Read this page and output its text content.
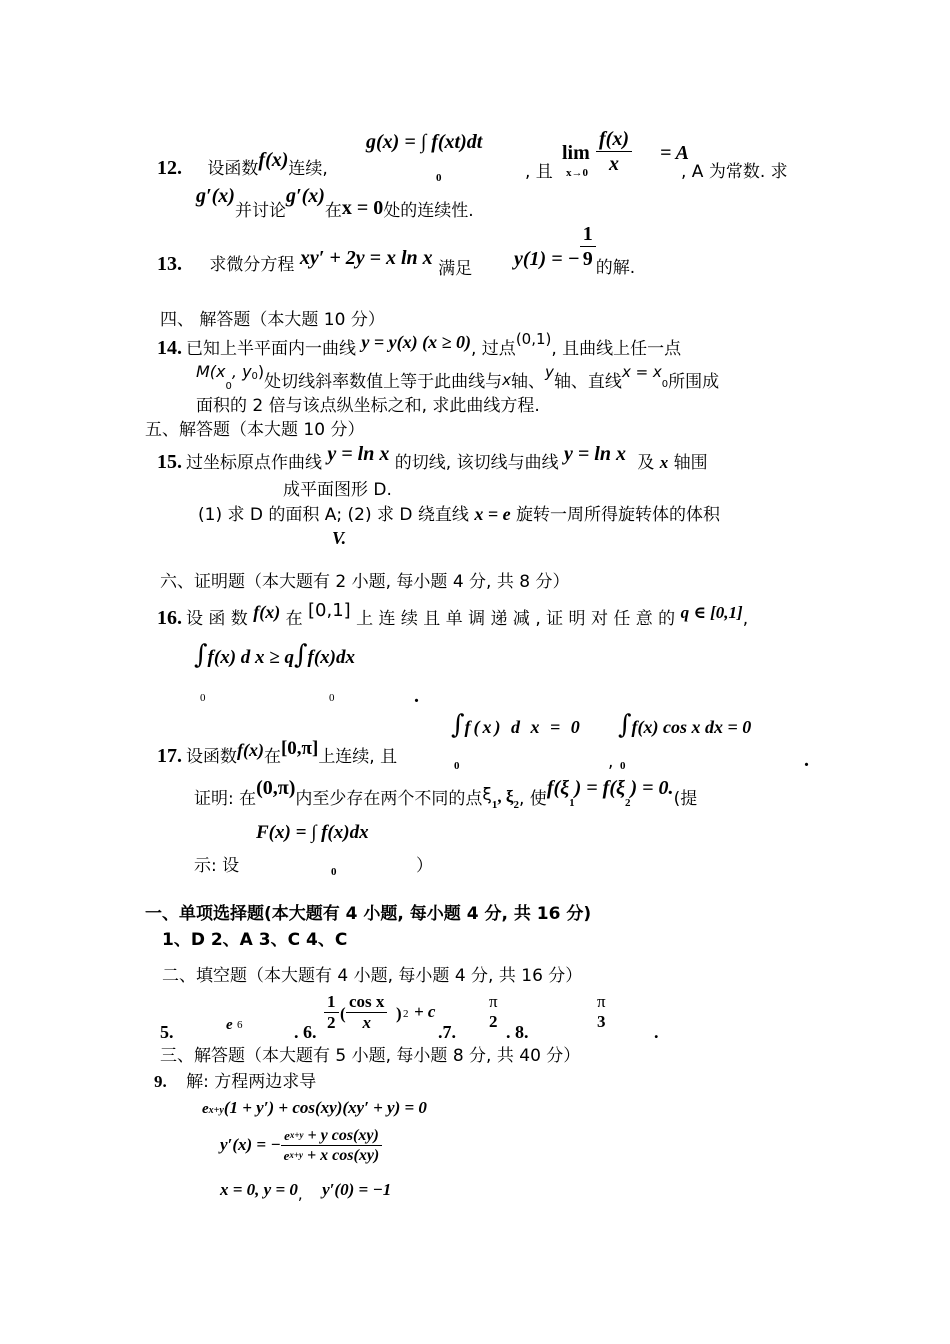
g(x) = ∫ f(xt)dt
0
lim
$x\to 0 \frac{f(x)}{x} = A$
12. 设函数f(x)连续,	, 且	, A 为常数. 求
g′(x)并讨论g′(x)在x = 0处的连续性.
13. 求微分方程 xy′ + 2y = x ln x 满足 y(1) = − $\frac{1}{9}$ 的解.
四、 解答题（本大题 10 分）
14. 已知上半平面内一曲线 y = y(x) (x ≥ 0), 过点(0,1), 且曲线上任一点
$M(x_0$, y0)处切线斜率数值上等于此曲线与x轴、y轴、直线$x = x_0$所围成
面积的 2 倍与该点纵坐标之和, 求此曲线方程.
五、解答题（本大题 10 分）
15. 过坐标原点作曲线 y = ln x 的切线, 该切线与曲线 y = ln x 及 x 轴围
成平面图形 D.
(1) 求 D 的面积 A; (2) 求 D 绕直线 x = e 旋转一周所得旋转体的体积
V.
六、证明题（本大题有 2 小题, 每小题 4 分, 共 8 分）
16. 设 函 数 f(x) 在 [0,1] 上 连 续 且 单 调 递 减 , 证 明 对 任 意 的 q ∈ [0,1],
∫f(x) d x ≥ q∫f(x)dx
0	0	.
∫f(x) d x = 0
0	,
∫f(x) cos x dx = 0
0	.
17. 设函数f(x)在[0,π]上连续, 且
证明: 在(0,π)内至少存在两个不同的点$\xi_1$, $\xi_2$, 使$f(\xi_1) = f(\xi_2) = 0$.(提
F(x) = ∫ f(x)dx
0
示: 设	）
一、单项选择题(本大题有 4 小题, 每小题 4 分, 共 16 分)
1、D 2、A 3、C 4、C
二、填空题（本大题有 4 小题, 每小题 4 分, 共 16 分）
5.	e 6	. 6. $\frac{1}{2}$ ( $\frac{\text{cos x}}{x}$ ) 2 + c
.7.
π
2
. 8.
π
3
.
三、解答题（本大题有 5 小题, 每小题 8 分, 共 40 分）
9. 解: 方程两边求导
ex+y(1 + y′) + cos(xy)(xy′ + y) = 0
y′(x) = − $\frac{\text{ex+y + y cos(xy)}}{\text{ex+y + x cos(xy)}}$
x = 0, y = 0, y′(0) = −1
